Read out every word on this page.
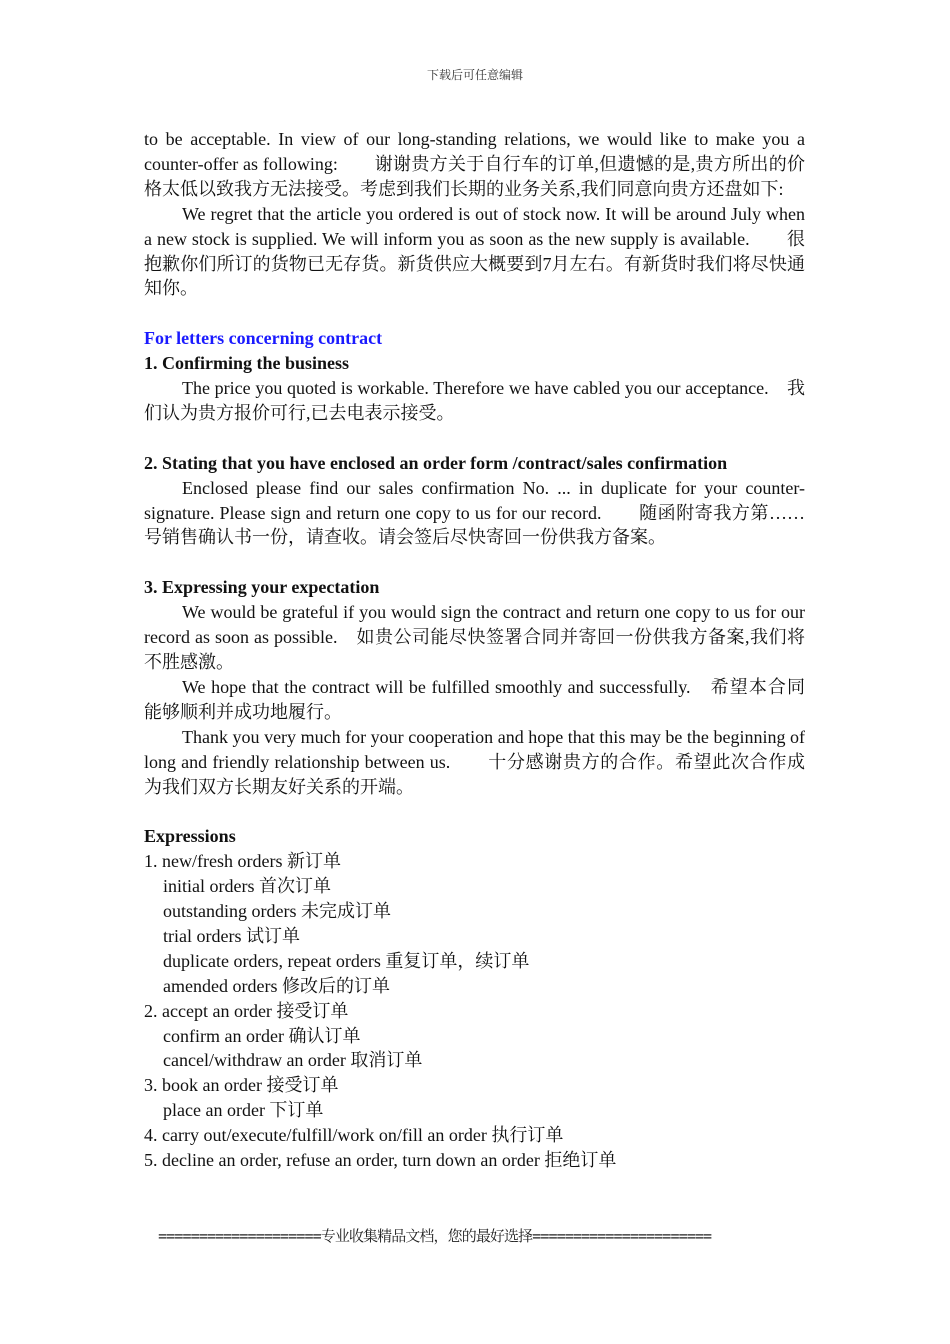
下载后可任意编辑

to be acceptable. In view of our long-standing relations, we would like to make you a counter-offer as following:　　谢谢贵方关于自行车的订单,但遗憾的是,贵方所出的价格太低以致我方无法接受。考虑到我们长期的业务关系,我们同意向贵方还盘如下:

We regret that the article you ordered is out of stock now. It will be around July when a new stock is supplied. We will inform you as soon as the new supply is available.　　很抱歉你们所订的货物已无存货。新货供应大概要到7月左右。有新货时我们将尽快通知你。

For letters concerning contract

1. Confirming the business

The price you quoted is workable. Therefore we have cabled you our acceptance.　我们认为贵方报价可行,已去电表示接受。

2. Stating that you have enclosed an order form /contract/sales confirmation

Enclosed please find our sales confirmation No. ... in duplicate for your counter-signature. Please sign and return one copy to us for our record.　　随函附寄我方第……号销售确认书一份，请查收。请会签后尽快寄回一份供我方备案。

3. Expressing your expectation

We would be grateful if you would sign the contract and return one copy to us for our record as soon as possible.　如贵公司能尽快签署合同并寄回一份供我方备案,我们将不胜感激。

We hope that the contract will be fulfilled smoothly and successfully.　希望本合同能够顺利并成功地履行。

Thank you very much for your cooperation and hope that this may be the beginning of long and friendly relationship between us.　　十分感谢贵方的合作。希望此次合作成为我们双方长期友好关系的开端。

Expressions

1. new/fresh orders 新订单

initial orders 首次订单

outstanding orders 未完成订单

trial orders 试订单

duplicate orders, repeat orders 重复订单，续订单

amended orders 修改后的订单

2. accept an order 接受订单

confirm an order 确认订单

cancel/withdraw an order 取消订单

3. book an order 接受订单

place an order 下订单

4. carry out/execute/fulfill/work on/fill an order 执行订单

5. decline an order, refuse an order, turn down an order 拒绝订单

　====================专业收集精品文档，您的最好选择======================
